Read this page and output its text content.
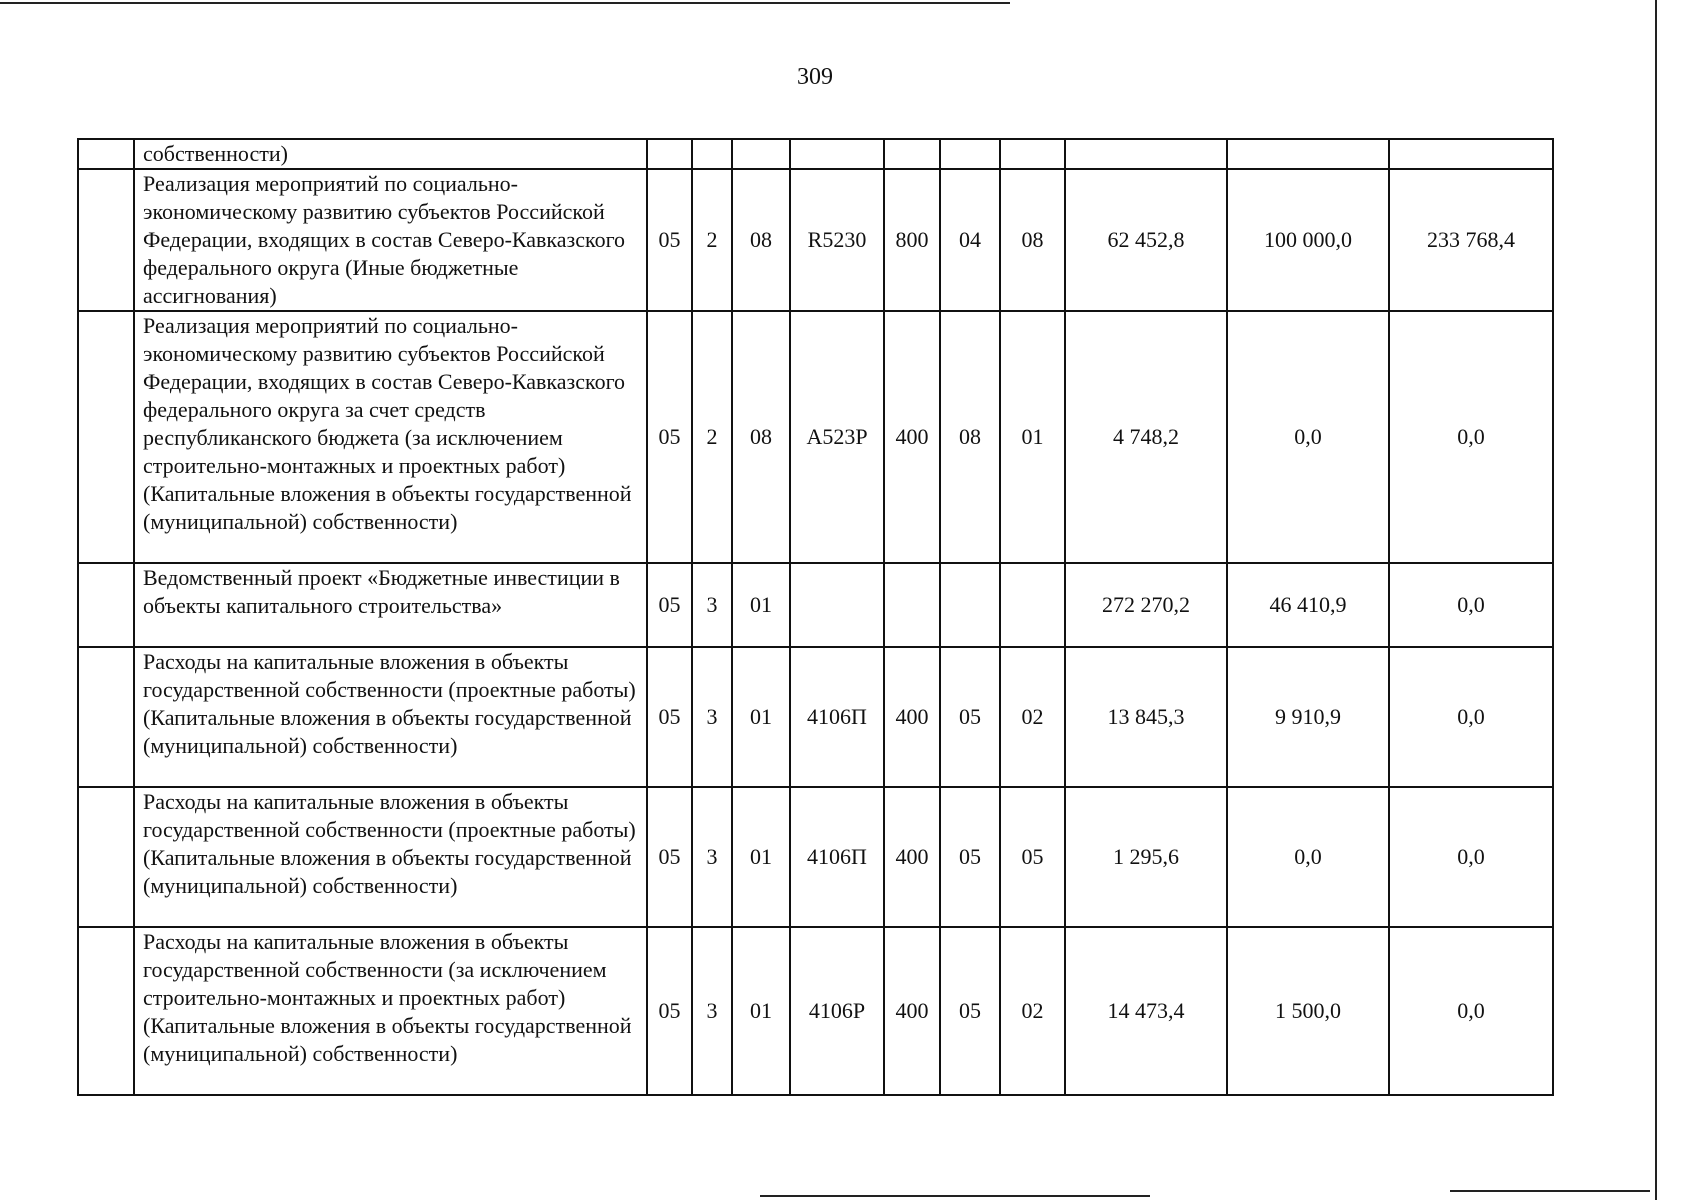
309
	собственности)										
	Реализация мероприятий по социально-экономическому развитию субъектов Российской Федерации, входящих в состав Северо-Кавказского федерального округа (Иные бюджетные ассигнования)	05	2	08	R5230	800	04	08	62 452,8	100 000,0	233 768,4
	Реализация мероприятий по социально-экономическому развитию субъектов Российской Федерации, входящих в состав Северо-Кавказского федерального округа за счет средств республиканского бюджета (за исключением строительно-монтажных и проектных работ) (Капитальные вложения в объекты государственной (муниципальной) собственности)	05	2	08	A523P	400	08	01	4 748,2	0,0	0,0
	Ведомственный проект «Бюджетные инвестиции в объекты капитального строительства»	05	3	01					272 270,2	46 410,9	0,0
	Расходы на капитальные вложения в объекты государственной собственности (проектные работы) (Капитальные вложения в объекты государственной (муниципальной) собственности)	05	3	01	4106П	400	05	02	13 845,3	9 910,9	0,0
	Расходы на капитальные вложения в объекты государственной собственности (проектные работы) (Капитальные вложения в объекты государственной (муниципальной) собственности)	05	3	01	4106П	400	05	05	1 295,6	0,0	0,0
	Расходы на капитальные вложения в объекты государственной собственности (за исключением строительно-монтажных и проектных работ) (Капитальные вложения в объекты государственной (муниципальной) собственности)	05	3	01	4106Р	400	05	02	14 473,4	1 500,0	0,0
